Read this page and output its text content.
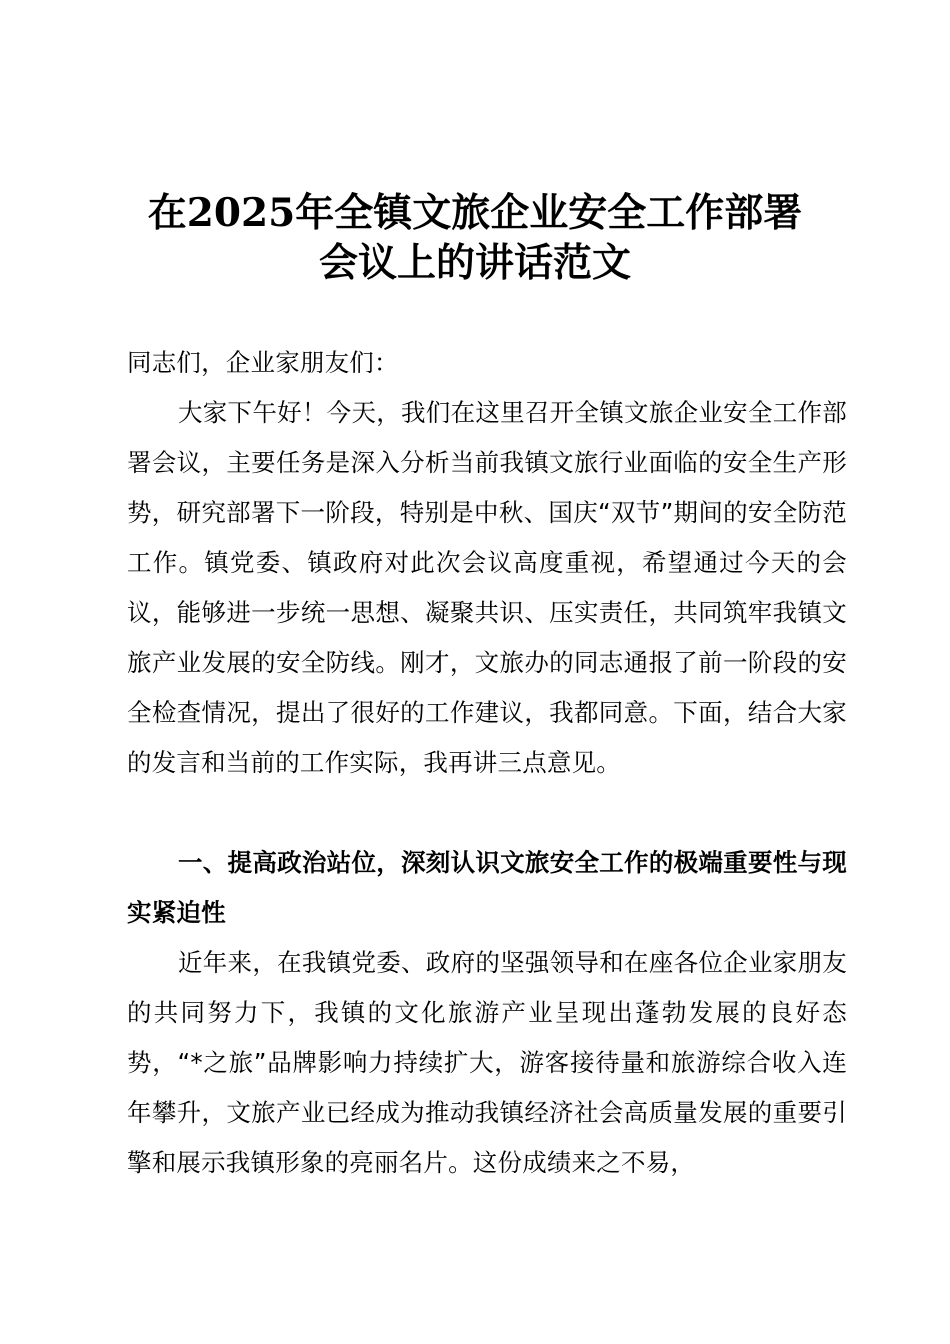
在2025年全镇文旅企业安全工作部署
会议上的讲话范文
同志们，企业家朋友们：
大家下午好！今天，我们在这里召开全镇文旅企业安全工作部署会议，主要任务是深入分析当前我镇文旅行业面临的安全生产形势，研究部署下一阶段，特别是中秋、国庆“双节”期间的安全防范工作。镇党委、镇政府对此次会议高度重视，希望通过今天的会议，能够进一步统一思想、凝聚共识、压实责任，共同筑牢我镇文旅产业发展的安全防线。刚才，文旅办的同志通报了前一阶段的安全检查情况，提出了很好的工作建议，我都同意。下面，结合大家的发言和当前的工作实际，我再讲三点意见。
一、提高政治站位，深刻认识文旅安全工作的极端重要性与现实紧迫性
近年来，在我镇党委、政府的坚强领导和在座各位企业家朋友的共同努力下，我镇的文化旅游产业呈现出蓬勃发展的良好态势，“*之旅”品牌影响力持续扩大，游客接待量和旅游综合收入连年攀升，文旅产业已经成为推动我镇经济社会高质量发展的重要引擎和展示我镇形象的亮丽名片。这份成绩来之不易，
